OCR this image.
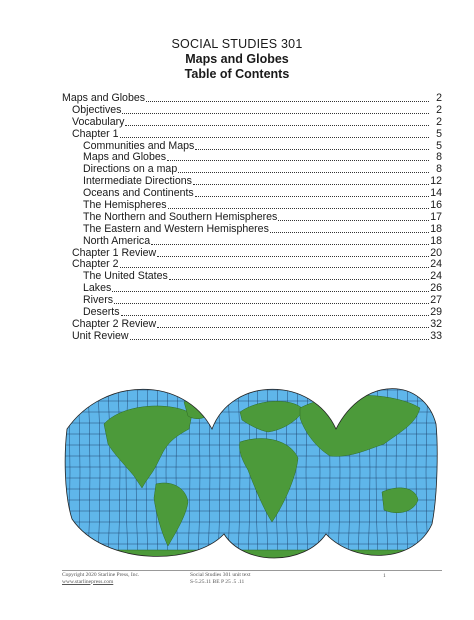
SOCIAL STUDIES 301
Maps and Globes
Table of Contents
Maps and Globes	2
Objectives	2
Vocabulary	2
Chapter 1	5
Communities and Maps	5
Maps and Globes	8
Directions on a map	8
Intermediate Directions	12
Oceans and Continents	14
The Hemispheres	16
The Northern and Southern Hemispheres	17
The Eastern and Western Hemispheres	18
North America	18
Chapter 1 Review	20
Chapter 2	24
The United States	24
Lakes	26
Rivers	27
Deserts	29
Chapter 2 Review	32
Unit Review	33
Copyright 2020 Starline Press, Inc.
www.starlinepress.com
Social Studies 301 unit text
S-5.25.11 BE P 25 .5 .11
1
